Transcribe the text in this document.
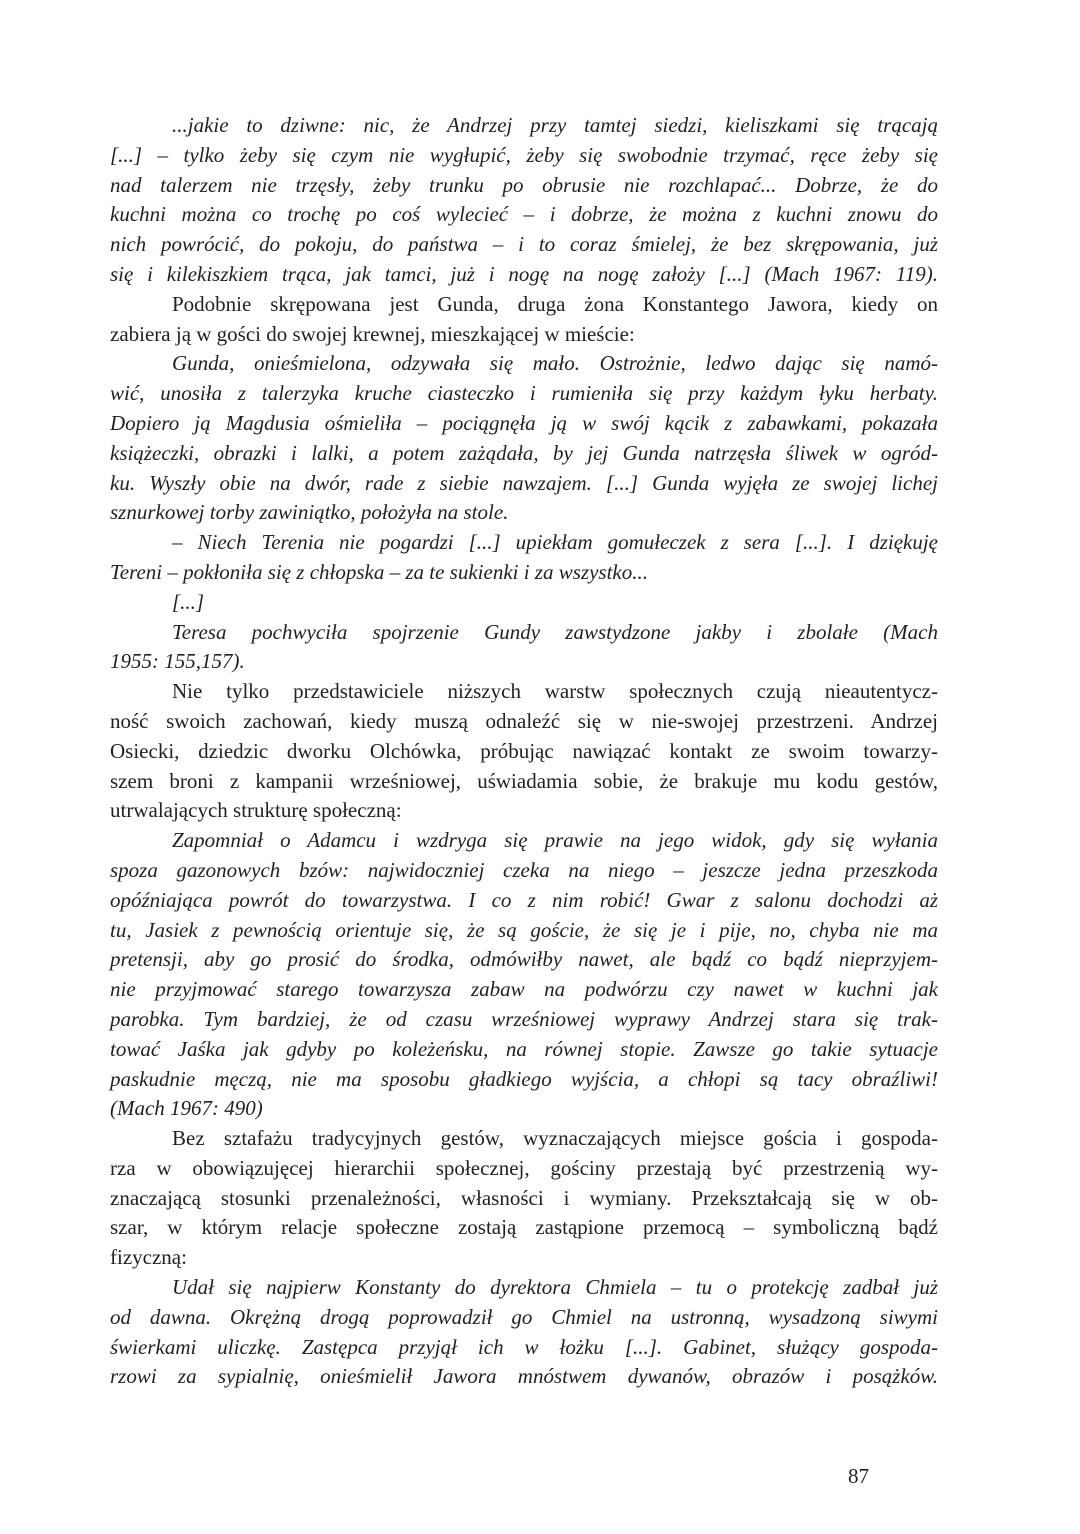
...jakie to dziwne: nic, że Andrzej przy tamtej siedzi, kieliszkami się trącają
[...] – tylko żeby się czym nie wygłupić, żeby się swobodnie trzymać, ręce żeby się
nad talerzem nie trzęsły, żeby trunku po obrusie nie rozchlapać... Dobrze, że do
kuchni można co trochę po coś wylecieć – i dobrze, że można z kuchni znowu do
nich powrócić, do pokoju, do państwa – i to coraz śmielej, że bez skrępowania, już
się i kilekiszkiem trąca, jak tamci, już i nogę na nogę założy [...] (Mach 1967: 119).
Podobnie skrępowana jest Gunda, druga żona Konstantego Jawora, kiedy on
zabiera ją w gości do swojej krewnej, mieszkającej w mieście:
Gunda, onieśmielona, odzywała się mało. Ostrożnie, ledwo dając się namó-
wić, unosiła z talerzyka kruche ciasteczko i rumieniła się przy każdym łyku herbaty.
Dopiero ją Magdusia ośmieliła – pociągnęła ją w swój kącik z zabawkami, pokazała
książeczki, obrazki i lalki, a potem zażądała, by jej Gunda natrzęsła śliwek w ogród-
ku. Wyszły obie na dwór, rade z siebie nawzajem. [...] Gunda wyjęła ze swojej lichej
sznurkowej torby zawiniątko, położyła na stole.
– Niech Terenia nie pogardzi [...] upiekłam gomułeczek z sera [...]. I dziękuję
Tereni – pokłoniła się z chłopska – za te sukienki i za wszystko...
[...]
Teresa pochwyciła spojrzenie Gundy zawstydzone jakby i zbolałe (Mach
1955: 155,157).
Nie tylko przedstawiciele niższych warstw społecznych czują nieautentycz-
ność swoich zachowań, kiedy muszą odnaleźć się w nie-swojej przestrzeni. Andrzej
Osiecki, dziedzic dworku Olchówka, próbując nawiązać kontakt ze swoim towarzy-
szem broni z kampanii wrześniowej, uświadamia sobie, że brakuje mu kodu gestów,
utrwalających strukturę społeczną:
Zapomniał o Adamcu i wzdryga się prawie na jego widok, gdy się wyłania
spoza gazonowych bzów: najwidoczniej czeka na niego – jeszcze jedna przeszkoda
opóźniająca powrót do towarzystwa. I co z nim robić! Gwar z salonu dochodzi aż
tu, Jasiek z pewnością orientuje się, że są goście, że się je i pije, no, chyba nie ma
pretensji, aby go prosić do środka, odmówiłby nawet, ale bądź co bądź nieprzyjem-
nie przyjmować starego towarzysza zabaw na podwórzu czy nawet w kuchni jak
parobka. Tym bardziej, że od czasu wrześniowej wyprawy Andrzej stara się trak-
tować Jaśka jak gdyby po koleżeńsku, na równej stopie. Zawsze go takie sytuacje
paskudnie męczą, nie ma sposobu gładkiego wyjścia, a chłopi są tacy obraźliwi!
(Mach 1967: 490)
Bez sztafażu tradycyjnych gestów, wyznaczających miejsce gościa i gospoda-
rza w obowiązujęcej hierarchii społecznej, gościny przestają być przestrzenią wy-
znaczającą stosunki przenależności, własności i wymiany. Przekształcają się w ob-
szar, w którym relacje społeczne zostają zastąpione przemocą – symboliczną bądź
fizyczną:
Udał się najpierw Konstanty do dyrektora Chmiela – tu o protekcję zadbał już
od dawna. Okrężną drogą poprowadził go Chmiel na ustronną, wysadzoną siwymi
świerkami uliczkę. Zastępca przyjął ich w łożku [...]. Gabinet, służący gospoda-
rzowi za sypialnię, onieśmielił Jawora mnóstwem dywanów, obrazów i posążków.
87
